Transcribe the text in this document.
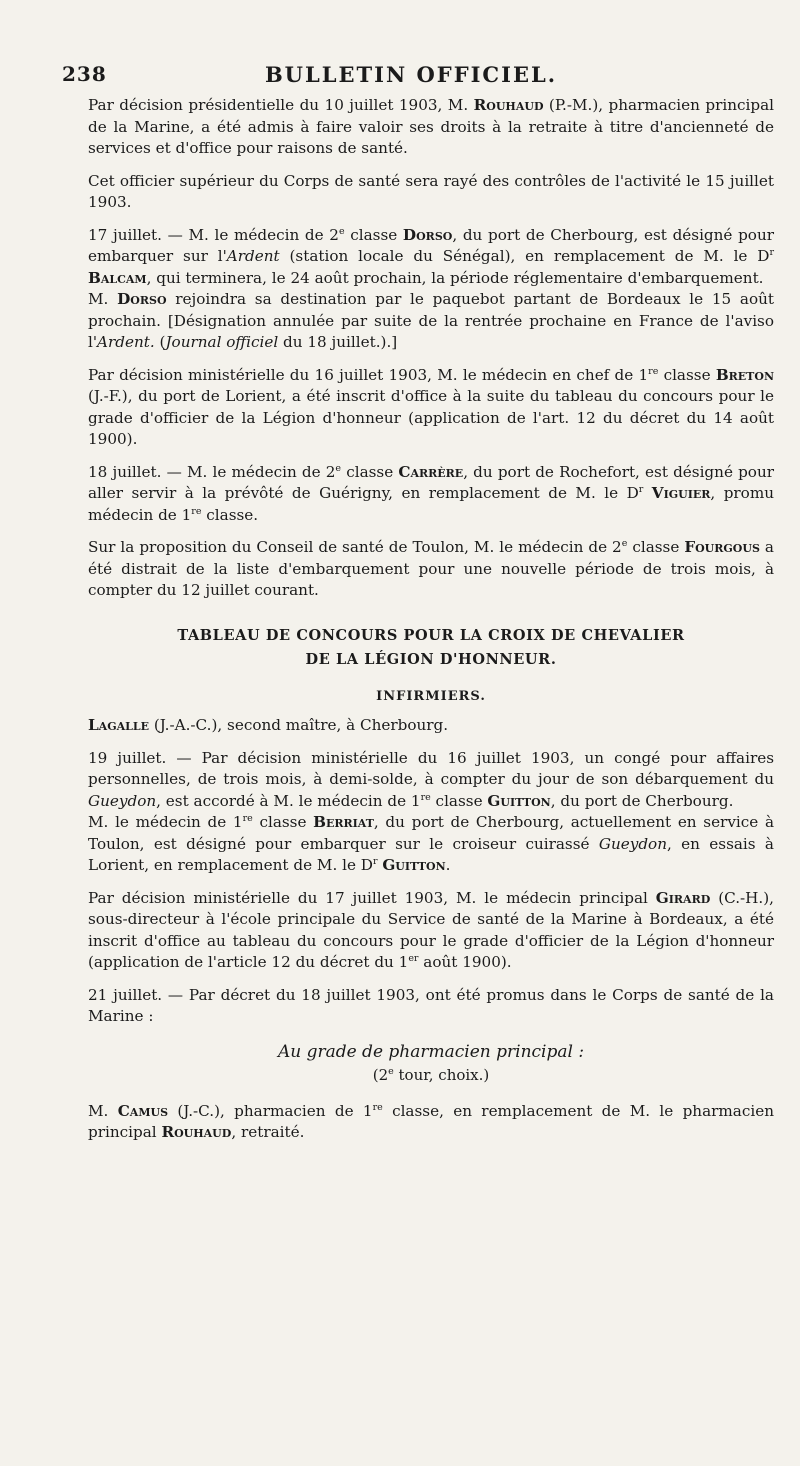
238	BULLETIN OFFICIEL.

Par décision présidentielle du 10 juillet 1903, M. Rouhaud (P.-M.), pharmacien principal de la Marine, a été admis à faire valoir ses droits à la retraite à titre d'ancienneté de services et d'office pour raisons de santé.

Cet officier supérieur du Corps de santé sera rayé des contrôles de l'activité le 15 juillet 1903.

17 juillet. — M. le médecin de 2e classe Dorso, du port de Cherbourg, est désigné pour embarquer sur l'Ardent (station locale du Sénégal), en remplacement de M. le $D^r$ Balcam, qui terminera, le 24 août prochain, la période réglementaire d'embarquement.

M. Dorso rejoindra sa destination par le paquebot partant de Bordeaux le 15 août prochain. [Désignation annulée par suite de la rentrée prochaine en France de l'aviso l'Ardent. (Journal officiel du 18 juillet.).]

Par décision ministérielle du 16 juillet 1903, M. le médecin en chef de 1re classe Breton (J.-F.), du port de Lorient, a été inscrit d'office à la suite du tableau du concours pour le grade d'officier de la Légion d'honneur (application de l'art. 12 du décret du 14 août 1900).

18 juillet. — M. le médecin de 2e classe Carrère, du port de Rochefort, est désigné pour aller servir à la prévôté de Guérigny, en remplacement de M. le $D^r$ Viguier, promu médecin de 1re classe.

Sur la proposition du Conseil de santé de Toulon, M. le médecin de 2e classe Fourgous a été distrait de la liste d'embarquement pour une nouvelle période de trois mois, à compter du 12 juillet courant.

TABLEAU DE CONCOURS POUR LA CROIX DE CHEVALIER
DE LA LÉGION D'HONNEUR.
INFIRMIERS.

Lagalle (J.-A.-C.), second maître, à Cherbourg.

19 juillet. — Par décision ministérielle du 16 juillet 1903, un congé pour affaires personnelles, de trois mois, à demi-solde, à compter du jour de son débarquement du Gueydon, est accordé à M. le médecin de 1re classe Guitton, du port de Cherbourg.

M. le médecin de 1re classe Berriat, du port de Cherbourg, actuellement en service à Toulon, est désigné pour embarquer sur le croiseur cuirassé Gueydon, en essais à Lorient, en remplacement de M. le $D^r$ Guitton.

Par décision ministérielle du 17 juillet 1903, M. le médecin principal Girard (C.-H.), sous-directeur à l'école principale du Service de santé de la Marine à Bordeaux, a été inscrit d'office au tableau du concours pour le grade d'officier de la Légion d'honneur (application de l'article 12 du décret du 1er août 1900).

21 juillet. — Par décret du 18 juillet 1903, ont été promus dans le Corps de santé de la Marine :

Au grade de pharmacien principal :
(2e tour, choix.)

M. Camus (J.-C.), pharmacien de 1re classe, en remplacement de M. le pharmacien principal Rouhaud, retraité.
